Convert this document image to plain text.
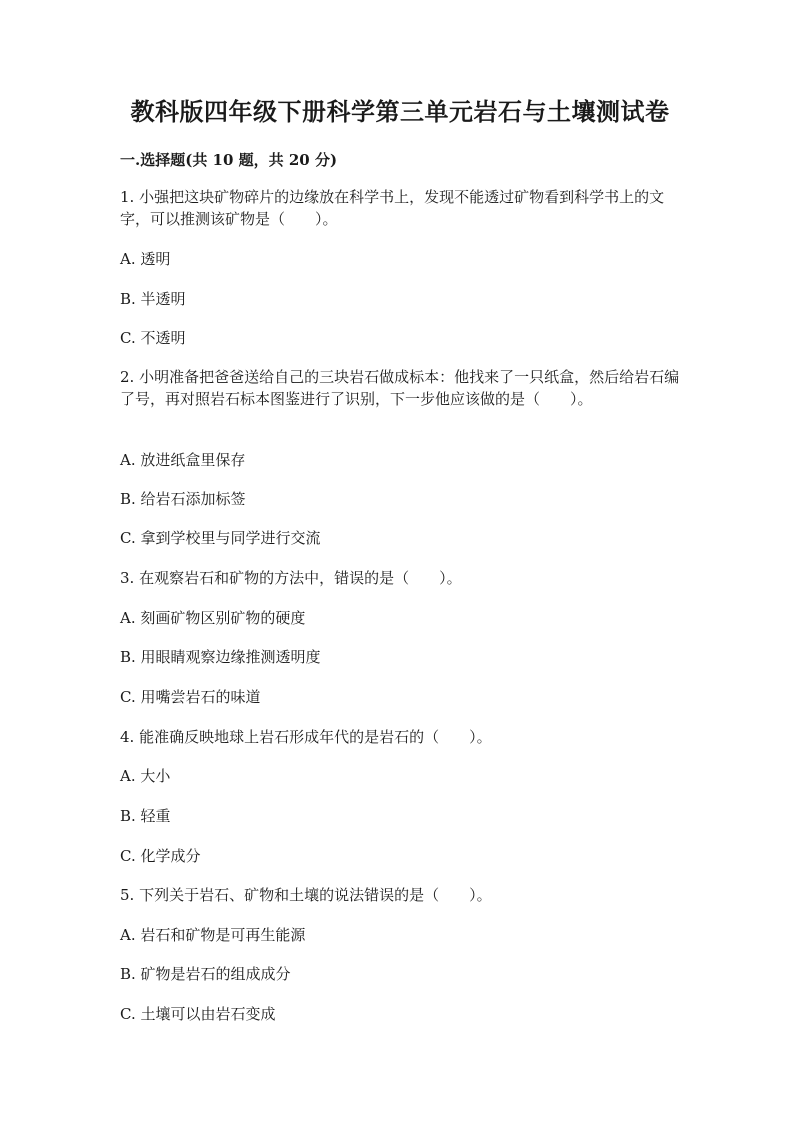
教科版四年级下册科学第三单元岩石与土壤测试卷
一.选择题(共 10 题，共 20 分)
1. 小强把这块矿物碎片的边缘放在科学书上，发现不能透过矿物看到科学书上的文字，可以推测该矿物是（　　）。
A. 透明
B. 半透明
C. 不透明
2. 小明准备把爸爸送给自己的三块岩石做成标本：他找来了一只纸盒，然后给岩石编了号，再对照岩石标本图鉴进行了识别，下一步他应该做的是（　　）。
A. 放进纸盒里保存
B. 给岩石添加标签
C. 拿到学校里与同学进行交流
3. 在观察岩石和矿物的方法中，错误的是（　　）。
A. 刻画矿物区别矿物的硬度
B. 用眼睛观察边缘推测透明度
C. 用嘴尝岩石的味道
4. 能准确反映地球上岩石形成年代的是岩石的（　　）。
A. 大小
B. 轻重
C. 化学成分
5. 下列关于岩石、矿物和土壤的说法错误的是（　　）。
A. 岩石和矿物是可再生能源
B. 矿物是岩石的组成成分
C. 土壤可以由岩石变成
